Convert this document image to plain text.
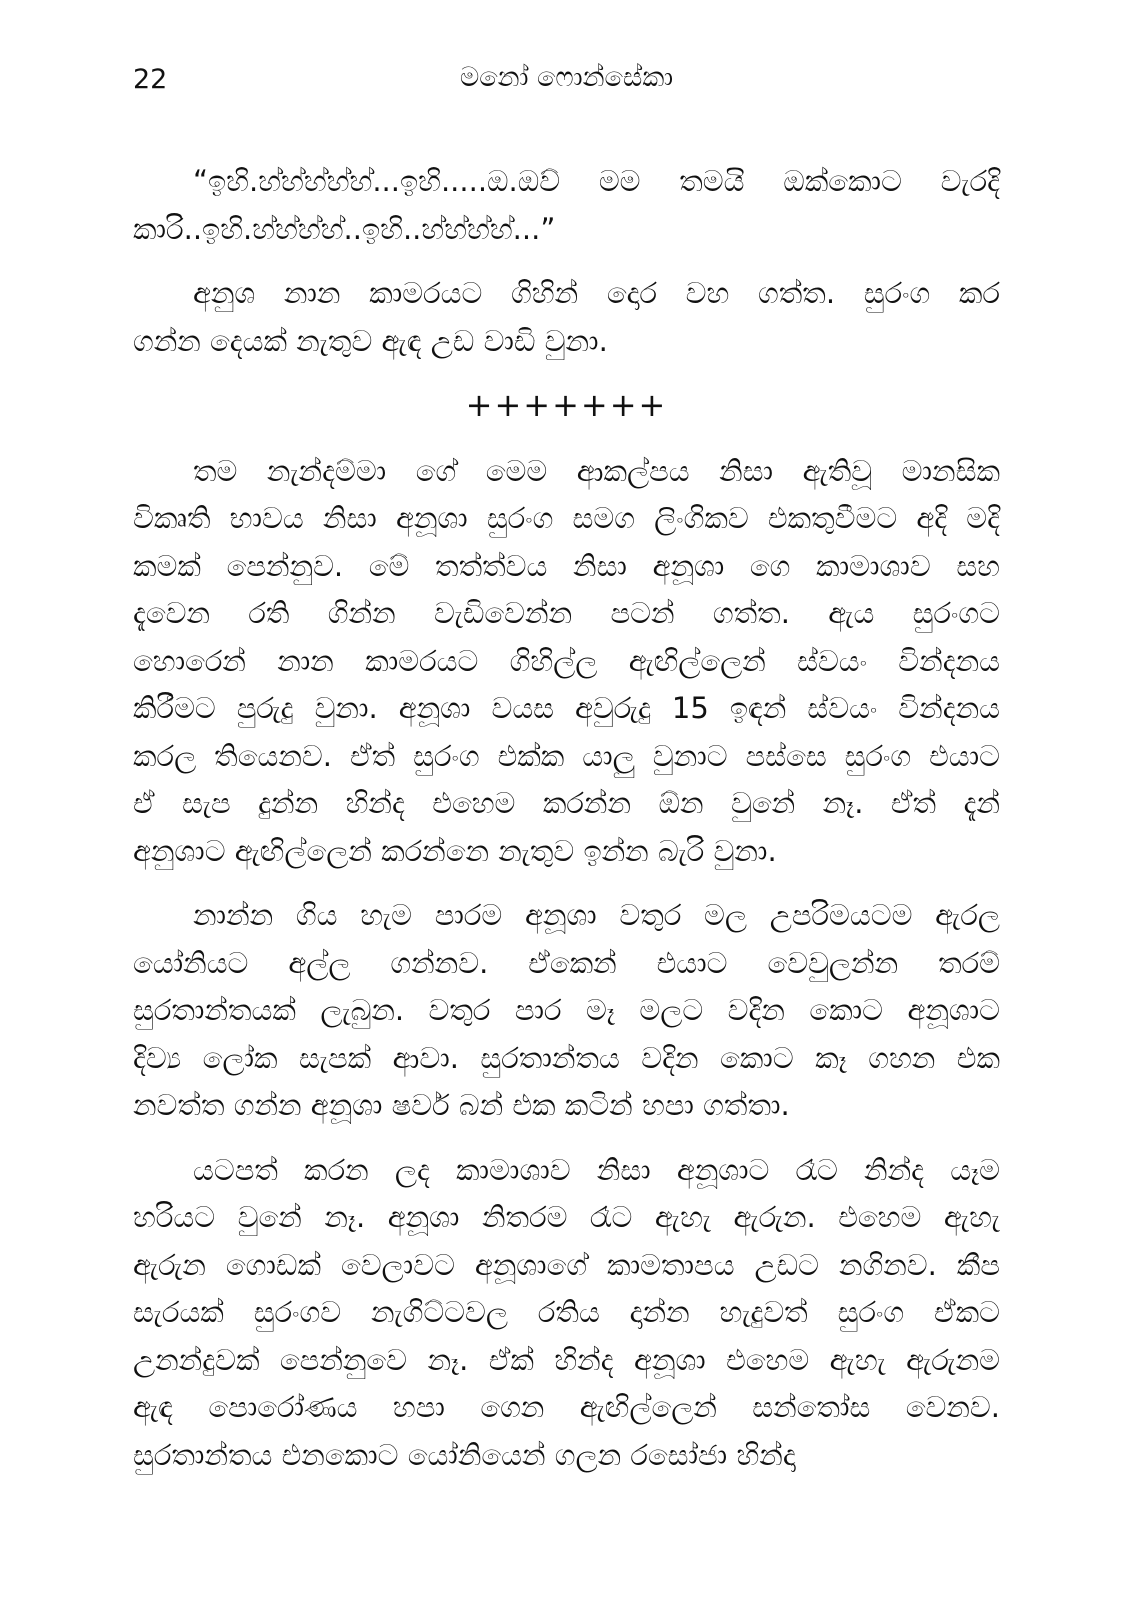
22	මනෝ ෆොන්සේකා
“ඉහි.හ්හ්හ්හ්හ්...ඉහි.....ඔ.ඔව් මම තමයි ඔක්කොට වැරදි
කාරි..ඉහි.හ්හ්හ්හ්..ඉහි..හ්හ්හ්හ්...”
අනුශ නාන කාමරයට ගිහින් දොර වහ ගත්ත. සුරංග කර
ගන්න දෙයක් නැතුව ඇඳ උඩ වාඩි වුනා.
+++++++
තම නැන්දම්මා ගේ මෙම ආකල්පය නිසා ඇතිවූ මානසික
විකෘති භාවය නිසා අනූශා සුරංග සමග ලිංගිකව එකතුවීමට අදි මදි
කමක් පෙන්නුව. මේ තත්ත්වය නිසා අනූශා ගෙ කාමාශාව සහ
දැවෙන රති ගින්න වැඩිවෙන්න පටන් ගත්ත. ඇය සුරංගට
හොරෙන් නාන කාමරයට ගිහිල්ල ඇඟිල්ලෙන් ස්වයං වින්දනය
කිරීමට පුරුදු වුනා. අනූශා වයස අවුරුදු 15 ඉඳන් ස්වයං වින්දනය
කරල තියෙනව. ඒත් සුරංග එක්ක යාලු වුනාට පස්සෙ සුරංග එයාට
ඒ සැප දුන්න හින්ද එහෙම කරන්න ඕන වුනේ නෑ. ඒත් දැන්
අනුශාට ඇඟිල්ලෙන් කරන්නෙ නැතුව ඉන්න බැරි වුනා.
නාන්න ගිය හැම පාරම අනූශා වතුර මල උපරිමයටම ඇරල
යෝනියට අල්ල ගන්නව. ඒකෙන් එයාට වෙවුලන්න තරම්
සුරතාන්තයක් ලැබුන. වතුර පාර මෑ මලට වදින කොට අනූශාට
දිව්‍ය ලෝක සැපක් ආවා. සුරතාන්තය වදින කොට කෑ ගහන එක
නවත්ත ගන්න අනූශා ෂවර් බන් එක කටින් හපා ගත්තා.
යටපත් කරන ලද කාමාශාව නිසා අනූශාට රෑට නින්ද යෑම
හරියට වුනේ නෑ. අනූශා නිතරම රෑට ඇහැ ඇරුන. එහෙම ඇහැ
ඇරුන ගොඩක් වෙලාවට අනූශාගේ කාමතාපය උඩට නගිනව. කීප
සැරයක් සුරංගව නැගිට්ටවල රතිය දාන්න හැදුවත් සුරංග ඒකට
උනන්දුවක් පෙන්නුවෙ නෑ. ඒක් හින්ද අනූශා එහෙම ඇහැ ඇරුනම
ඇඳ පොරෝණය හපා ගෙන ඇඟිල්ලෙන් සන්තෝස වෙනව.
සුරතාන්තය එනකොට යෝනියෙන් ගලන රසෝජා හින්දා
